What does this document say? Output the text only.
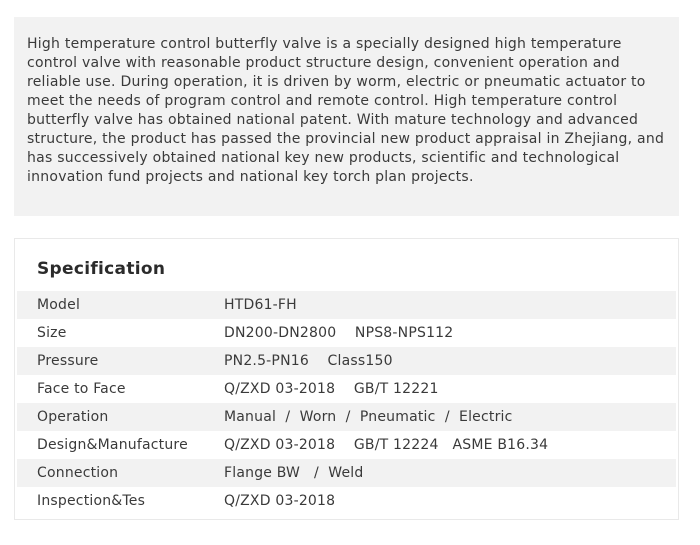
High temperature control butterfly valve is a specially designed high temperature control valve with reasonable product structure design, convenient operation and reliable use. During operation, it is driven by worm, electric or pneumatic actuator to meet the needs of program control and remote control. High temperature control butterfly valve has obtained national patent. With mature technology and advanced structure, the product has passed the provincial new product appraisal in Zhejiang, and has successively obtained national key new products, scientific and technological innovation fund projects and national key torch plan projects.
Specification
Model	HTD61-FH
Size	DN200-DN2800    NPS8-NPS112
Pressure	PN2.5-PN16    Class150
Face to Face	Q/ZXD 03-2018    GB/T 12221
Operation	Manual  /  Worn  /  Pneumatic  /  Electric
Design&Manufacture	Q/ZXD 03-2018    GB/T 12224   ASME B16.34
Connection	Flange BW   /  Weld
Inspection&Tes	Q/ZXD 03-2018
